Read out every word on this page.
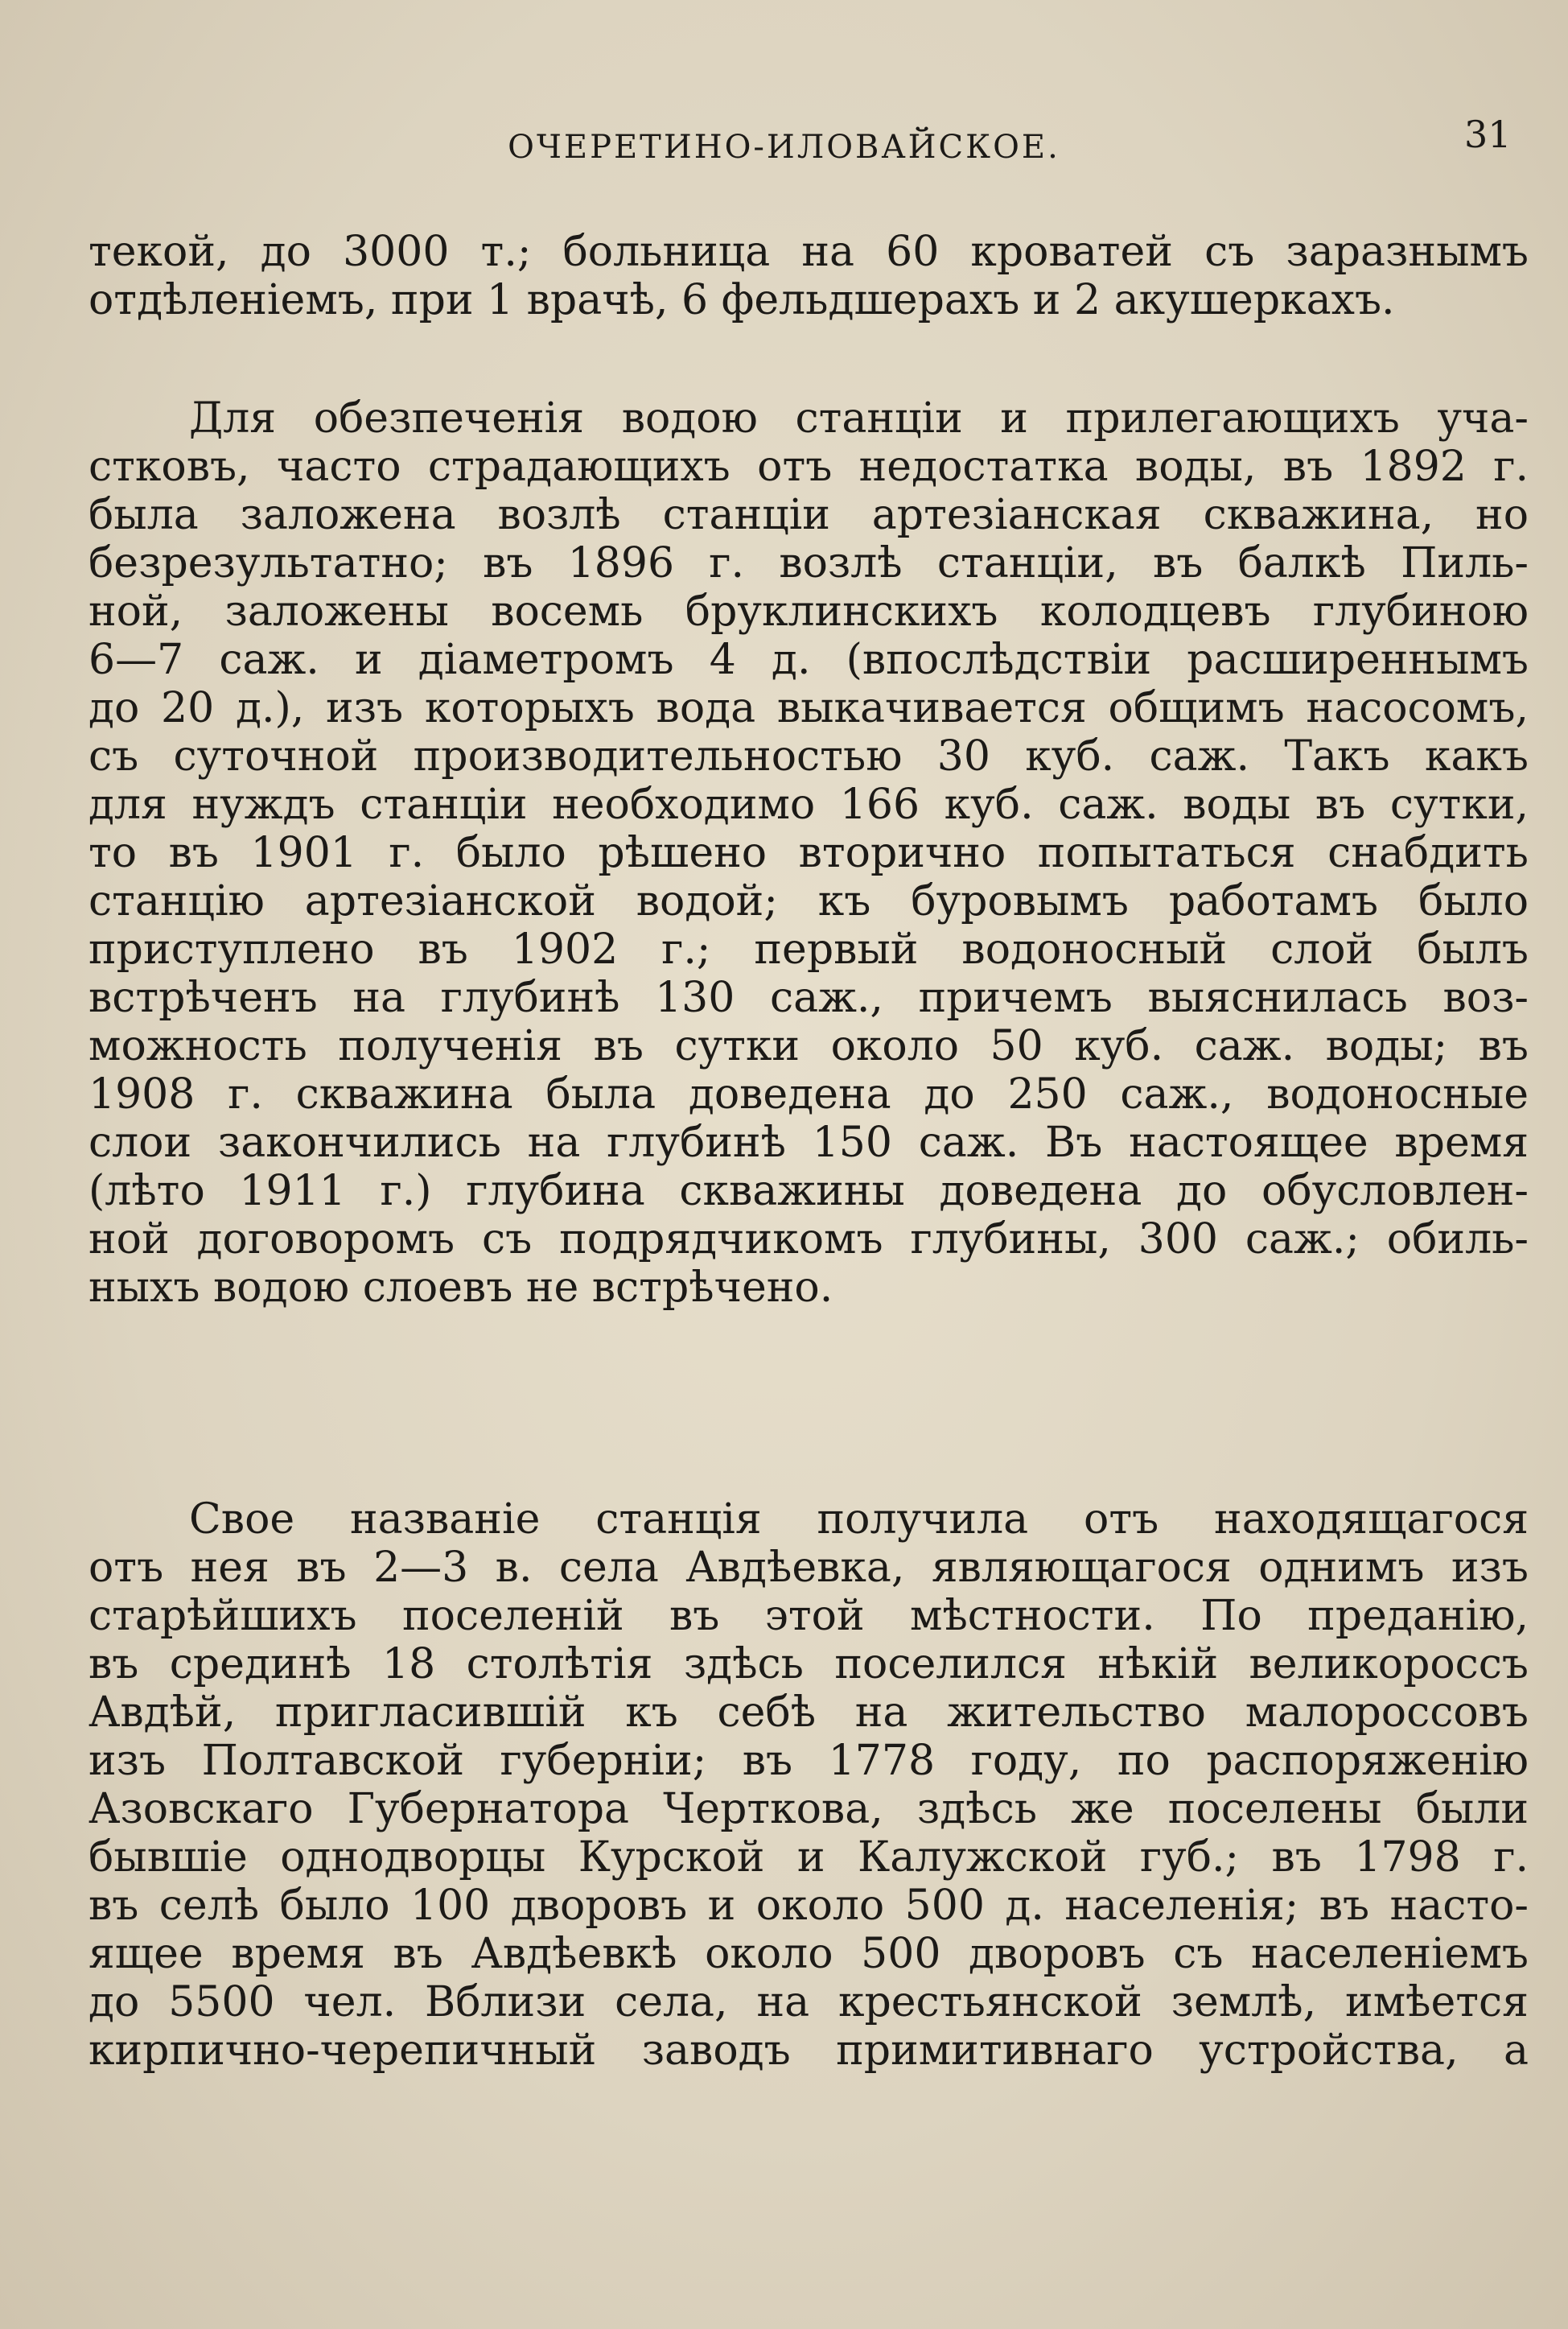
ОЧЕРЕТИНО-ИЛОВАЙСКОЕ.	31
текой, до 3000 т.; больница на 60 кроватей съ заразнымъ
отдѣленіемъ, при 1 врачѣ, 6 фельдшерахъ и 2 акушеркахъ.
Для обезпеченія водою станціи и прилегающихъ уча-
стковъ, часто страдающихъ отъ недостатка воды, въ 1892 г.
была заложена возлѣ станціи артезіанская скважина, но
безрезультатно; въ 1896 г. возлѣ станціи, въ балкѣ Пиль-
ной, заложены восемь бруклинскихъ колодцевъ глубиною
6—7 саж. и діаметромъ 4 д. (впослѣдствіи расширеннымъ
до 20 д.), изъ которыхъ вода выкачивается общимъ насосомъ,
съ суточной производительностью 30 куб. саж. Такъ какъ
для нуждъ станціи необходимо 166 куб. саж. воды въ сутки,
то въ 1901 г. было рѣшено вторично попытаться снабдить
станцію артезіанской водой; къ буровымъ работамъ было
приступлено въ 1902 г.; первый водоносный слой былъ
встрѣченъ на глубинѣ 130 саж., причемъ выяснилась воз-
можность полученія въ сутки около 50 куб. саж. воды; въ
1908 г. скважина была доведена до 250 саж., водоносные
слои закончились на глубинѣ 150 саж. Въ настоящее время
(лѣто 1911 г.) глубина скважины доведена до обусловлен-
ной договоромъ съ подрядчикомъ глубины, 300 саж.; обиль-
ныхъ водою слоевъ не встрѣчено.
Свое названіе станція получила отъ находящагося
отъ нея въ 2—3 в. села Авдѣевка, являющагося однимъ изъ
старѣйшихъ поселеній въ этой мѣстности. По преданію,
въ срединѣ 18 столѣтія здѣсь поселился нѣкій великороссъ
Авдѣй, пригласившій къ себѣ на жительство малороссовъ
изъ Полтавской губерніи; въ 1778 году, по распоряженію
Азовскаго Губернатора Черткова, здѣсь же поселены были
бывшіе однодворцы Курской и Калужской губ.; въ 1798 г.
въ селѣ было 100 дворовъ и около 500 д. населенія; въ насто-
ящее время въ Авдѣевкѣ около 500 дворовъ съ населеніемъ
до 5500 чел. Вблизи села, на крестьянской землѣ, имѣется
кирпично-черепичный заводъ примитивнаго устройства, а
